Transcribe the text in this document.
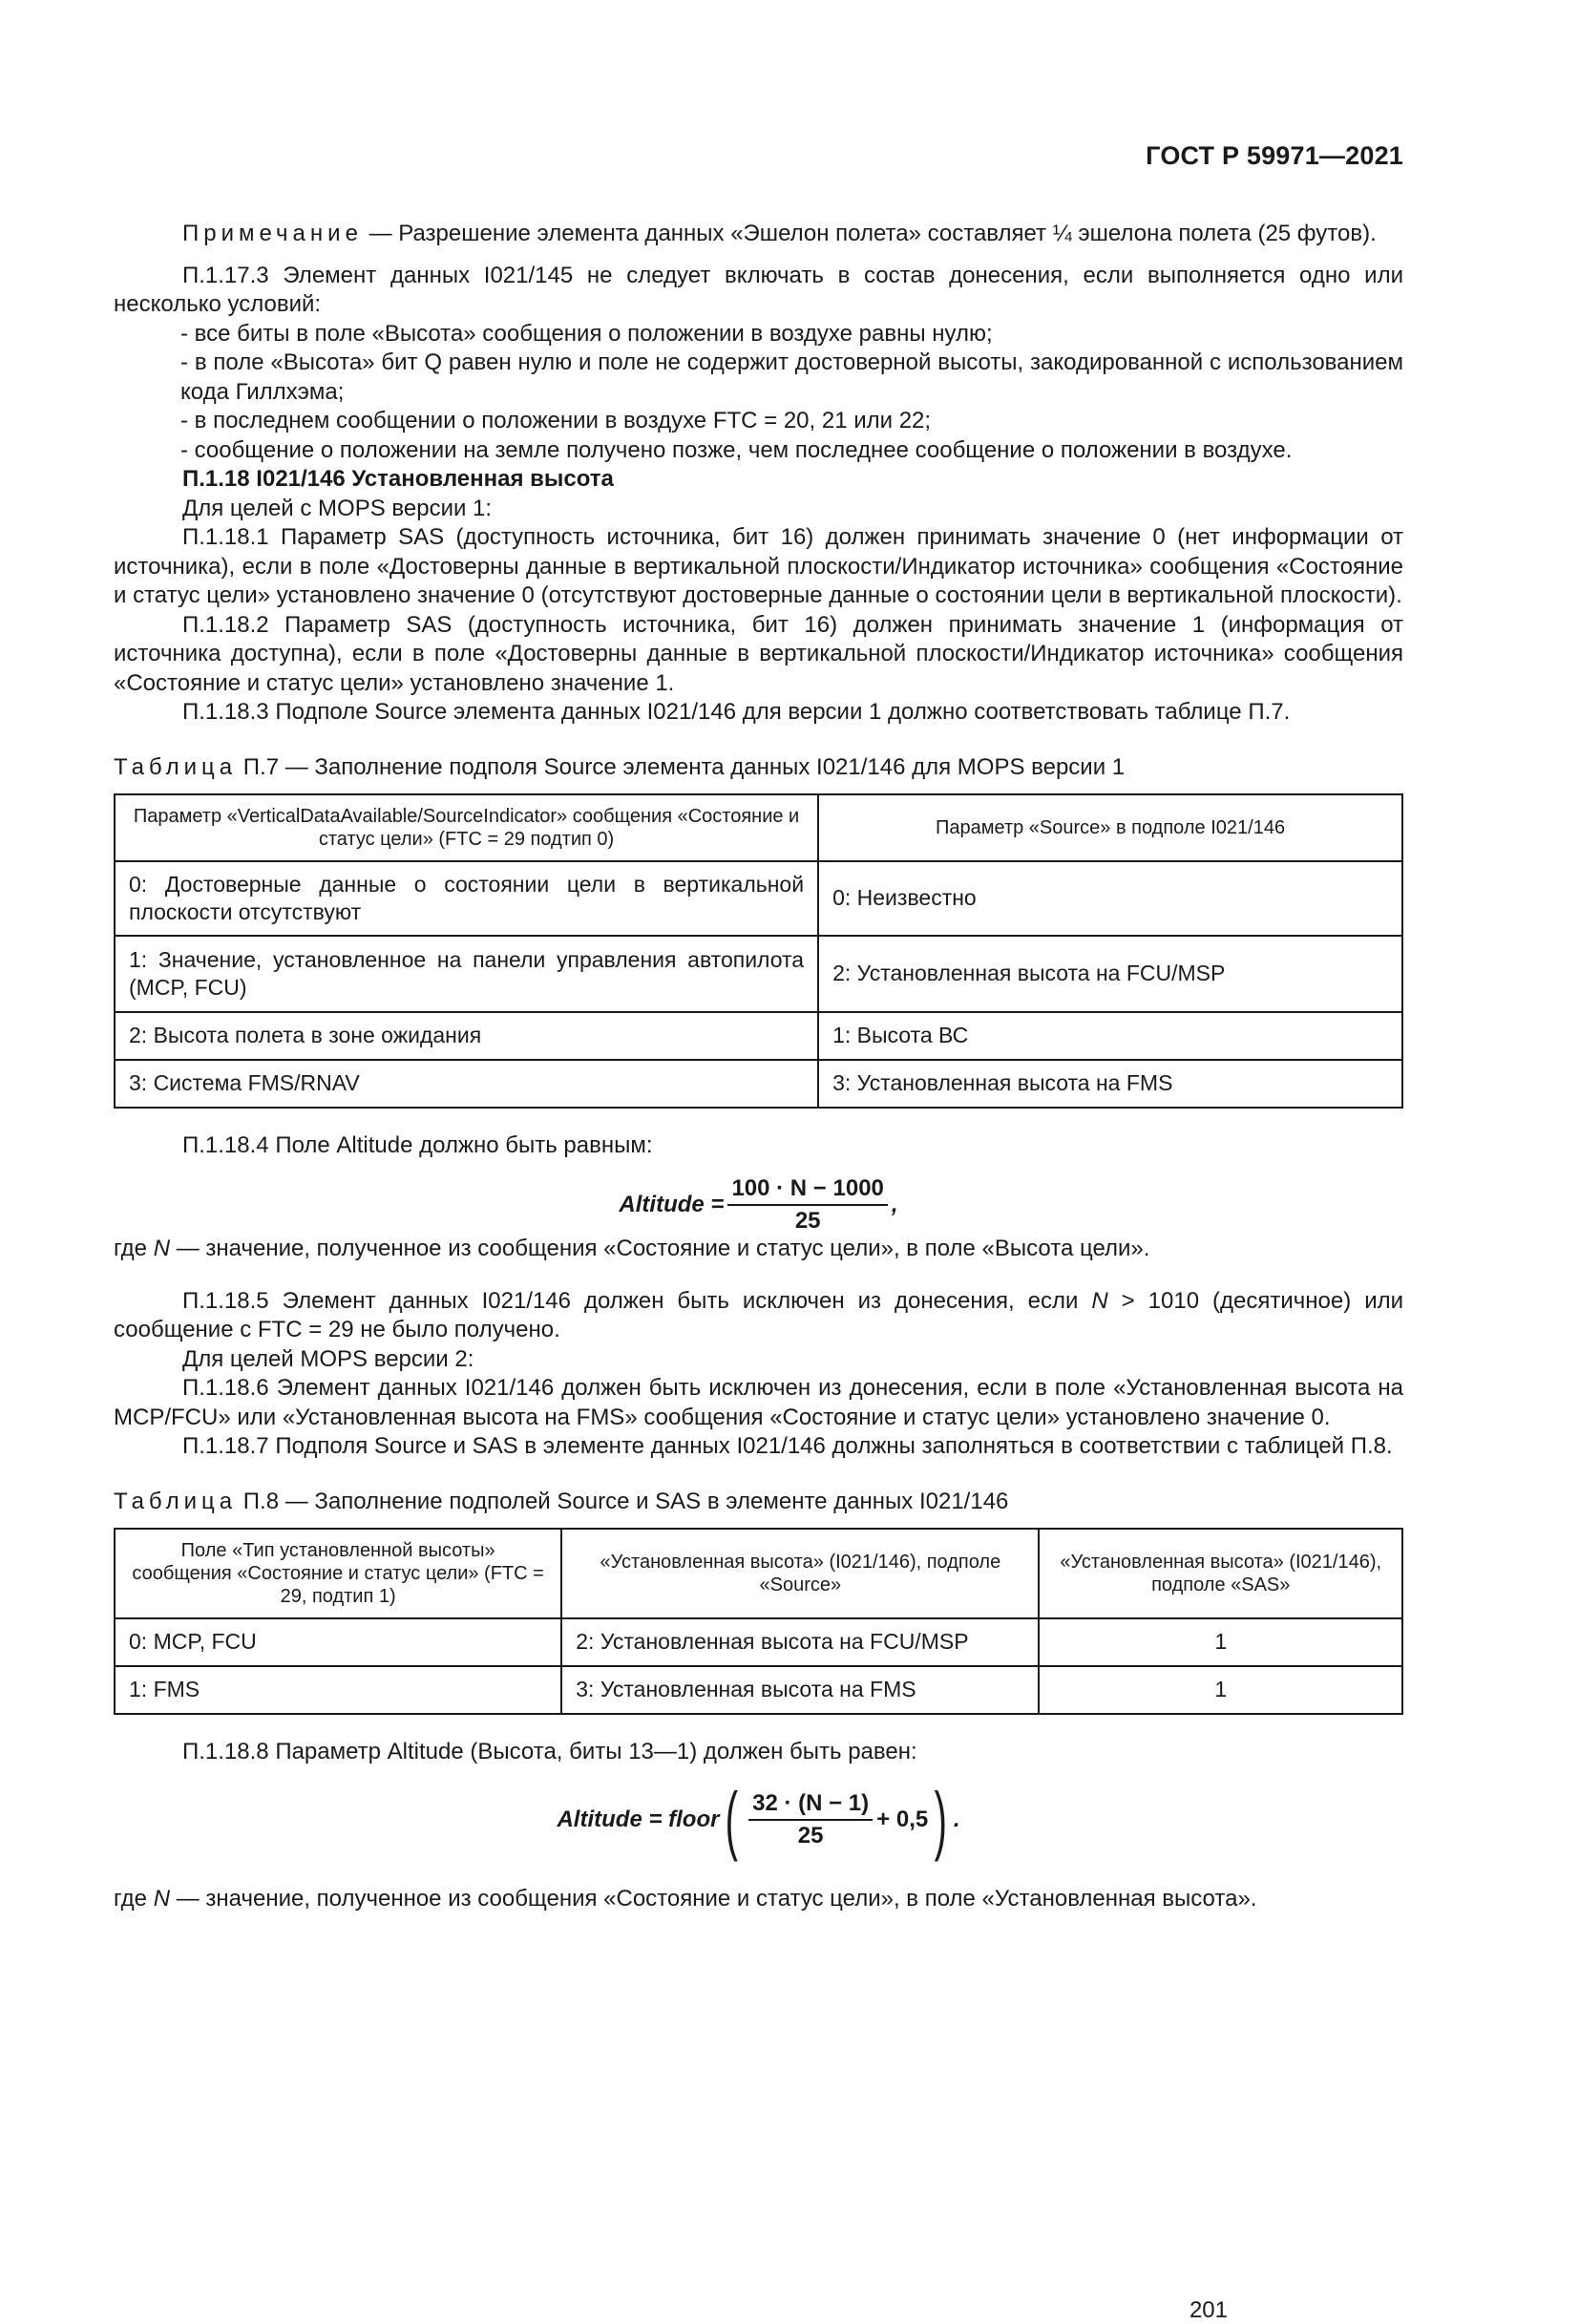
ГОСТ Р 59971—2021

Примечание — Разрешение элемента данных «Эшелон полета» составляет ¼ эшелона полета (25 футов).

П.1.17.3 Элемент данных I021/145 не следует включать в состав донесения, если выполняется одно или несколько условий:

- все биты в поле «Высота» сообщения о положении в воздухе равны нулю;

- в поле «Высота» бит Q равен нулю и поле не содержит достоверной высоты, закодированной с использованием кода Гиллхэма;

- в последнем сообщении о положении в воздухе FTC = 20, 21 или 22;

- сообщение о положении на земле получено позже, чем последнее сообщение о положении в воздухе.

П.1.18 I021/146 Установленная высота

Для целей с MOPS версии 1:

П.1.18.1 Параметр SAS (доступность источника, бит 16) должен принимать значение 0 (нет информации от источника), если в поле «Достоверны данные в вертикальной плоскости/Индикатор источника» сообщения «Состояние и статус цели» установлено значение 0 (отсутствуют достоверные данные о состоянии цели в вертикальной плоскости).

П.1.18.2 Параметр SAS (доступность источника, бит 16) должен принимать значение 1 (информация от источника доступна), если в поле «Достоверны данные в вертикальной плоскости/Индикатор источника» сообщения «Состояние и статус цели» установлено значение 1.

П.1.18.3 Подполе Source элемента данных I021/146 для версии 1 должно соответствовать таблице П.7.

Таблица П.7 — Заполнение подполя Source элемента данных I021/146 для MOPS версии 1

Параметр «VerticalDataAvailable/SourceIndicator» сообщения «Состояние и статус цели» (FTC = 29 подтип 0)	Параметр «Source» в подполе I021/146
0: Достоверные данные о состоянии цели в вертикальной плоскости отсутствуют	0: Неизвестно
1: Значение, установленное на панели управления автопилота (MCP, FCU)	2: Установленная высота на FCU/MSP
2: Высота полета в зоне ожидания	1: Высота ВС
3: Система FMS/RNAV	3: Установленная высота на FMS

П.1.18.4 Поле Altitude должно быть равным:

Altitude = $\frac{100 \cdot N - 1000}{25}$ ,

где N — значение, полученное из сообщения «Состояние и статус цели», в поле «Высота цели».

П.1.18.5 Элемент данных I021/146 должен быть исключен из донесения, если N > 1010 (десятичное) или сообщение с FTC = 29 не было получено.

Для целей MOPS версии 2:

П.1.18.6 Элемент данных I021/146 должен быть исключен из донесения, если в поле «Установленная высота на MCP/FCU» или «Установленная высота на FMS» сообщения «Состояние и статус цели» установлено значение 0.

П.1.18.7 Подполя Source и SAS в элементе данных I021/146 должны заполняться в соответствии с таблицей П.8.

Таблица П.8 — Заполнение подполей Source и SAS в элементе данных I021/146

Поле «Тип установленной высоты» сообщения «Состояние и статус цели» (FTC = 29, подтип 1)	«Установленная высота» (I021/146), подполе «Source»	«Установленная высота» (I021/146), подполе «SAS»
0: MCP, FCU	2: Установленная высота на FCU/MSP	1
1: FMS	3: Установленная высота на FMS	1

П.1.18.8 Параметр Altitude (Высота, биты 13—1) должен быть равен:

Altitude = floor ( $\frac{32 \cdot (N - 1)}{25} + 0,5$ ) .

где N — значение, полученное из сообщения «Состояние и статус цели», в поле «Установленная высота».

201
